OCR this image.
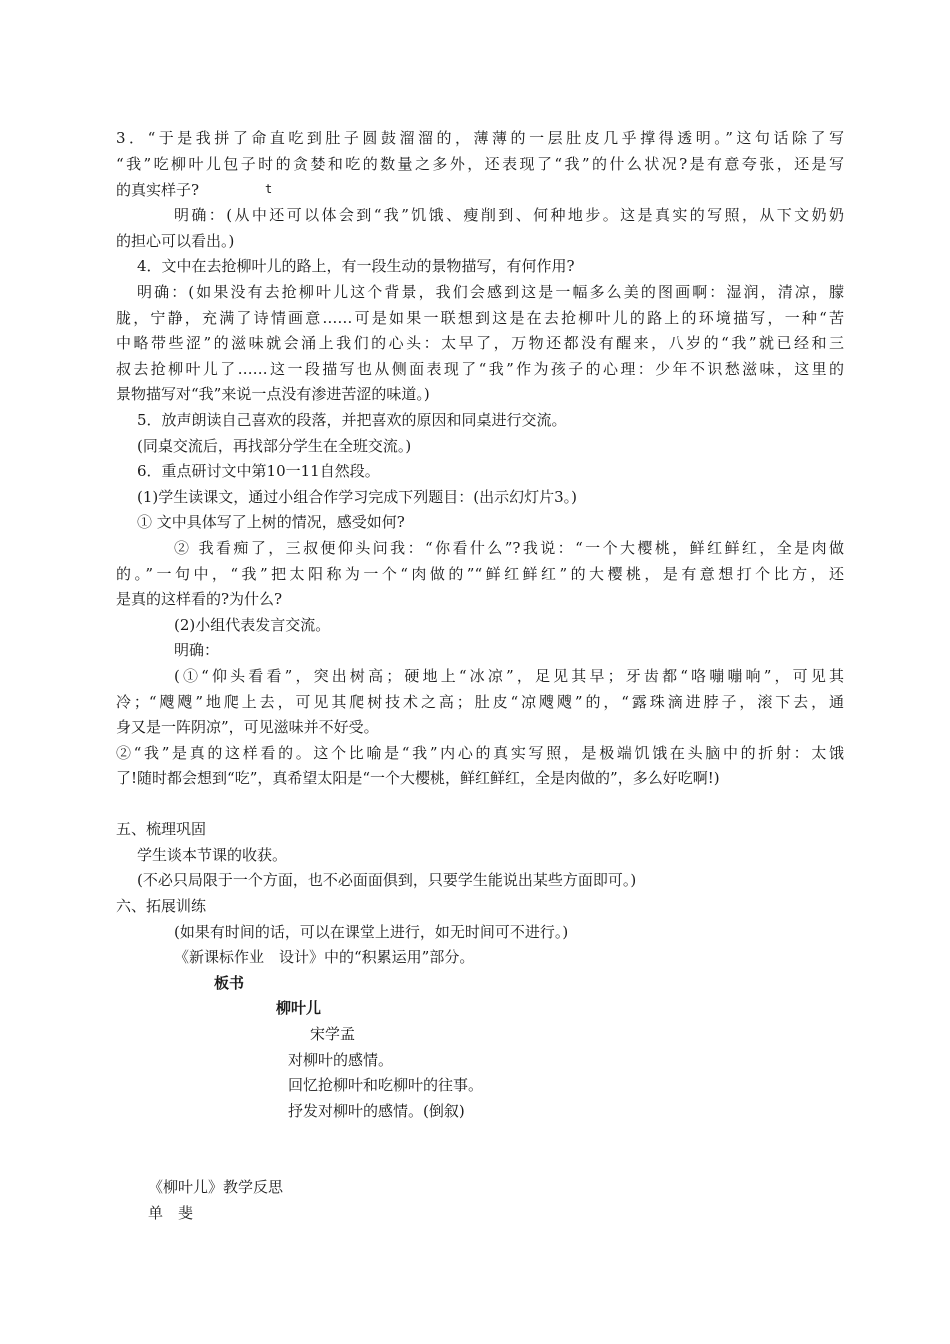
3．“于是我拼了命直吃到肚子圆鼓溜溜的，薄薄的一层肚皮几乎撑得透明。”这句话除了写
“我”吃柳叶儿包子时的贪婪和吃的数量之多外，还表现了“我”的什么状况?是有意夸张，还是写
的真实样子?	t
明确：(从中还可以体会到“我”饥饿、瘦削到、何种地步。这是真实的写照，从下文奶奶
的担心可以看出。)
4．文中在去抢柳叶儿的路上，有一段生动的景物描写，有何作用?
明确：(如果没有去抢柳叶儿这个背景，我们会感到这是一幅多么美的图画啊：湿润，清凉，朦
胧，宁静，充满了诗情画意……可是如果一联想到这是在去抢柳叶儿的路上的环境描写，一种“苦
中略带些涩”的滋味就会涌上我们的心头：太早了，万物还都没有醒来，八岁的“我”就已经和三
叔去抢柳叶儿了……这一段描写也从侧面表现了“我”作为孩子的心理：少年不识愁滋味，这里的
景物描写对“我”来说一点没有渗进苦涩的味道。)
5．放声朗读自己喜欢的段落，并把喜欢的原因和同桌进行交流。
(同桌交流后，再找部分学生在全班交流。)
6．重点研讨文中第10一11自然段。
(1)学生读课文，通过小组合作学习完成下列题目：(出示幻灯片3。)
① 文中具体写了上树的情况，感受如何?
② 我看痴了，三叔便仰头问我：“你看什么”?我说：“一个大樱桃，鲜红鲜红，全是肉做
的。”一句中，“我”把太阳称为一个“肉做的”“鲜红鲜红”的大樱桃，是有意想打个比方，还
是真的这样看的?为什么?
(2)小组代表发言交流。
明确：
(①“仰头看看”，突出树高；硬地上“冰凉”，足见其早；牙齿都“咯嘣嘣响”，可见其
冷；“飕飕”地爬上去，可见其爬树技术之高；肚皮“凉飕飕”的，“露珠滴进脖子，滚下去，通
身又是一阵阴凉”，可见滋味并不好受。
②“我”是真的这样看的。这个比喻是“我”内心的真实写照，是极端饥饿在头脑中的折射：太饿
了!随时都会想到“吃”，真希望太阳是“一个大樱桃，鲜红鲜红，全是肉做的”，多么好吃啊!)
五、梳理巩固
学生谈本节课的收获。
(不必只局限于一个方面，也不必面面俱到，只要学生能说出某些方面即可。)
六、拓展训练
(如果有时间的话，可以在课堂上进行，如无时间可不进行。)
《新课标作业　设计》中的“积累运用”部分。
板书
柳叶儿
宋学孟
对柳叶的感情。
回忆抢柳叶和吃柳叶的往事。
抒发对柳叶的感情。(倒叙)
《柳叶儿》教学反思
单　斐
